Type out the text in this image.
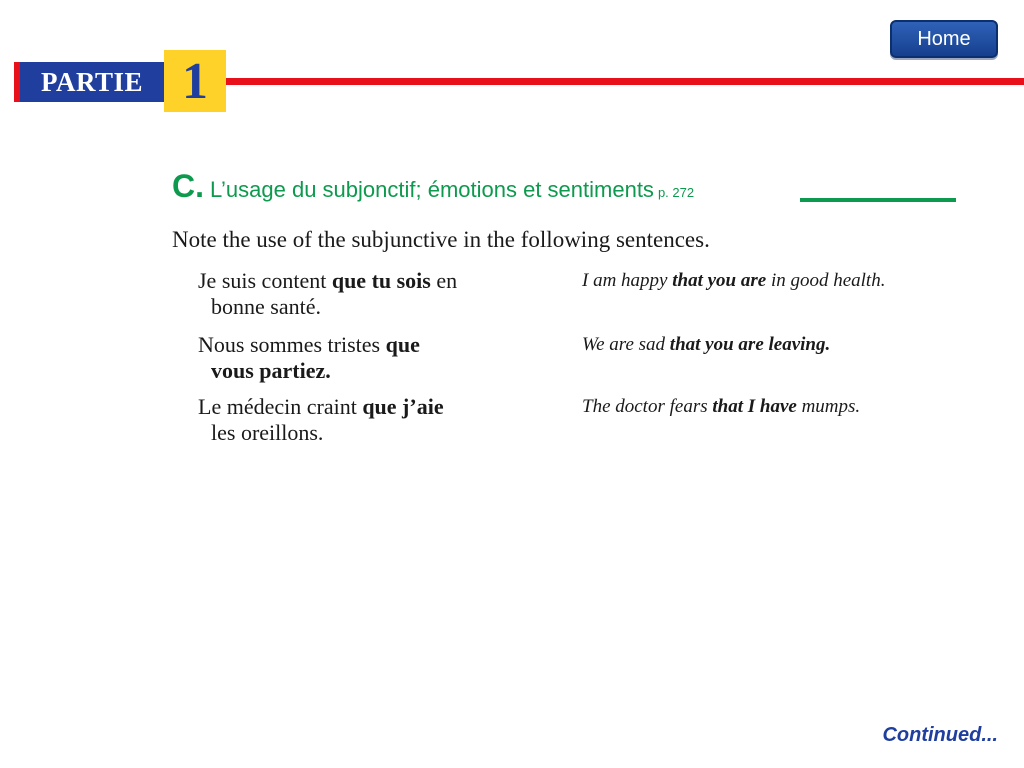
Home
PARTIE 1
C. L’usage du subjonctif; émotions et sentiments p. 272
Note the use of the subjunctive in the following sentences.
Je suis content que tu sois en
bonne santé.
I am happy that you are in good health.
Nous sommes tristes que
vous partiez.
We are sad that you are leaving.
Le médecin craint que j’aie
les oreillons.
The doctor fears that I have mumps.
Continued...
